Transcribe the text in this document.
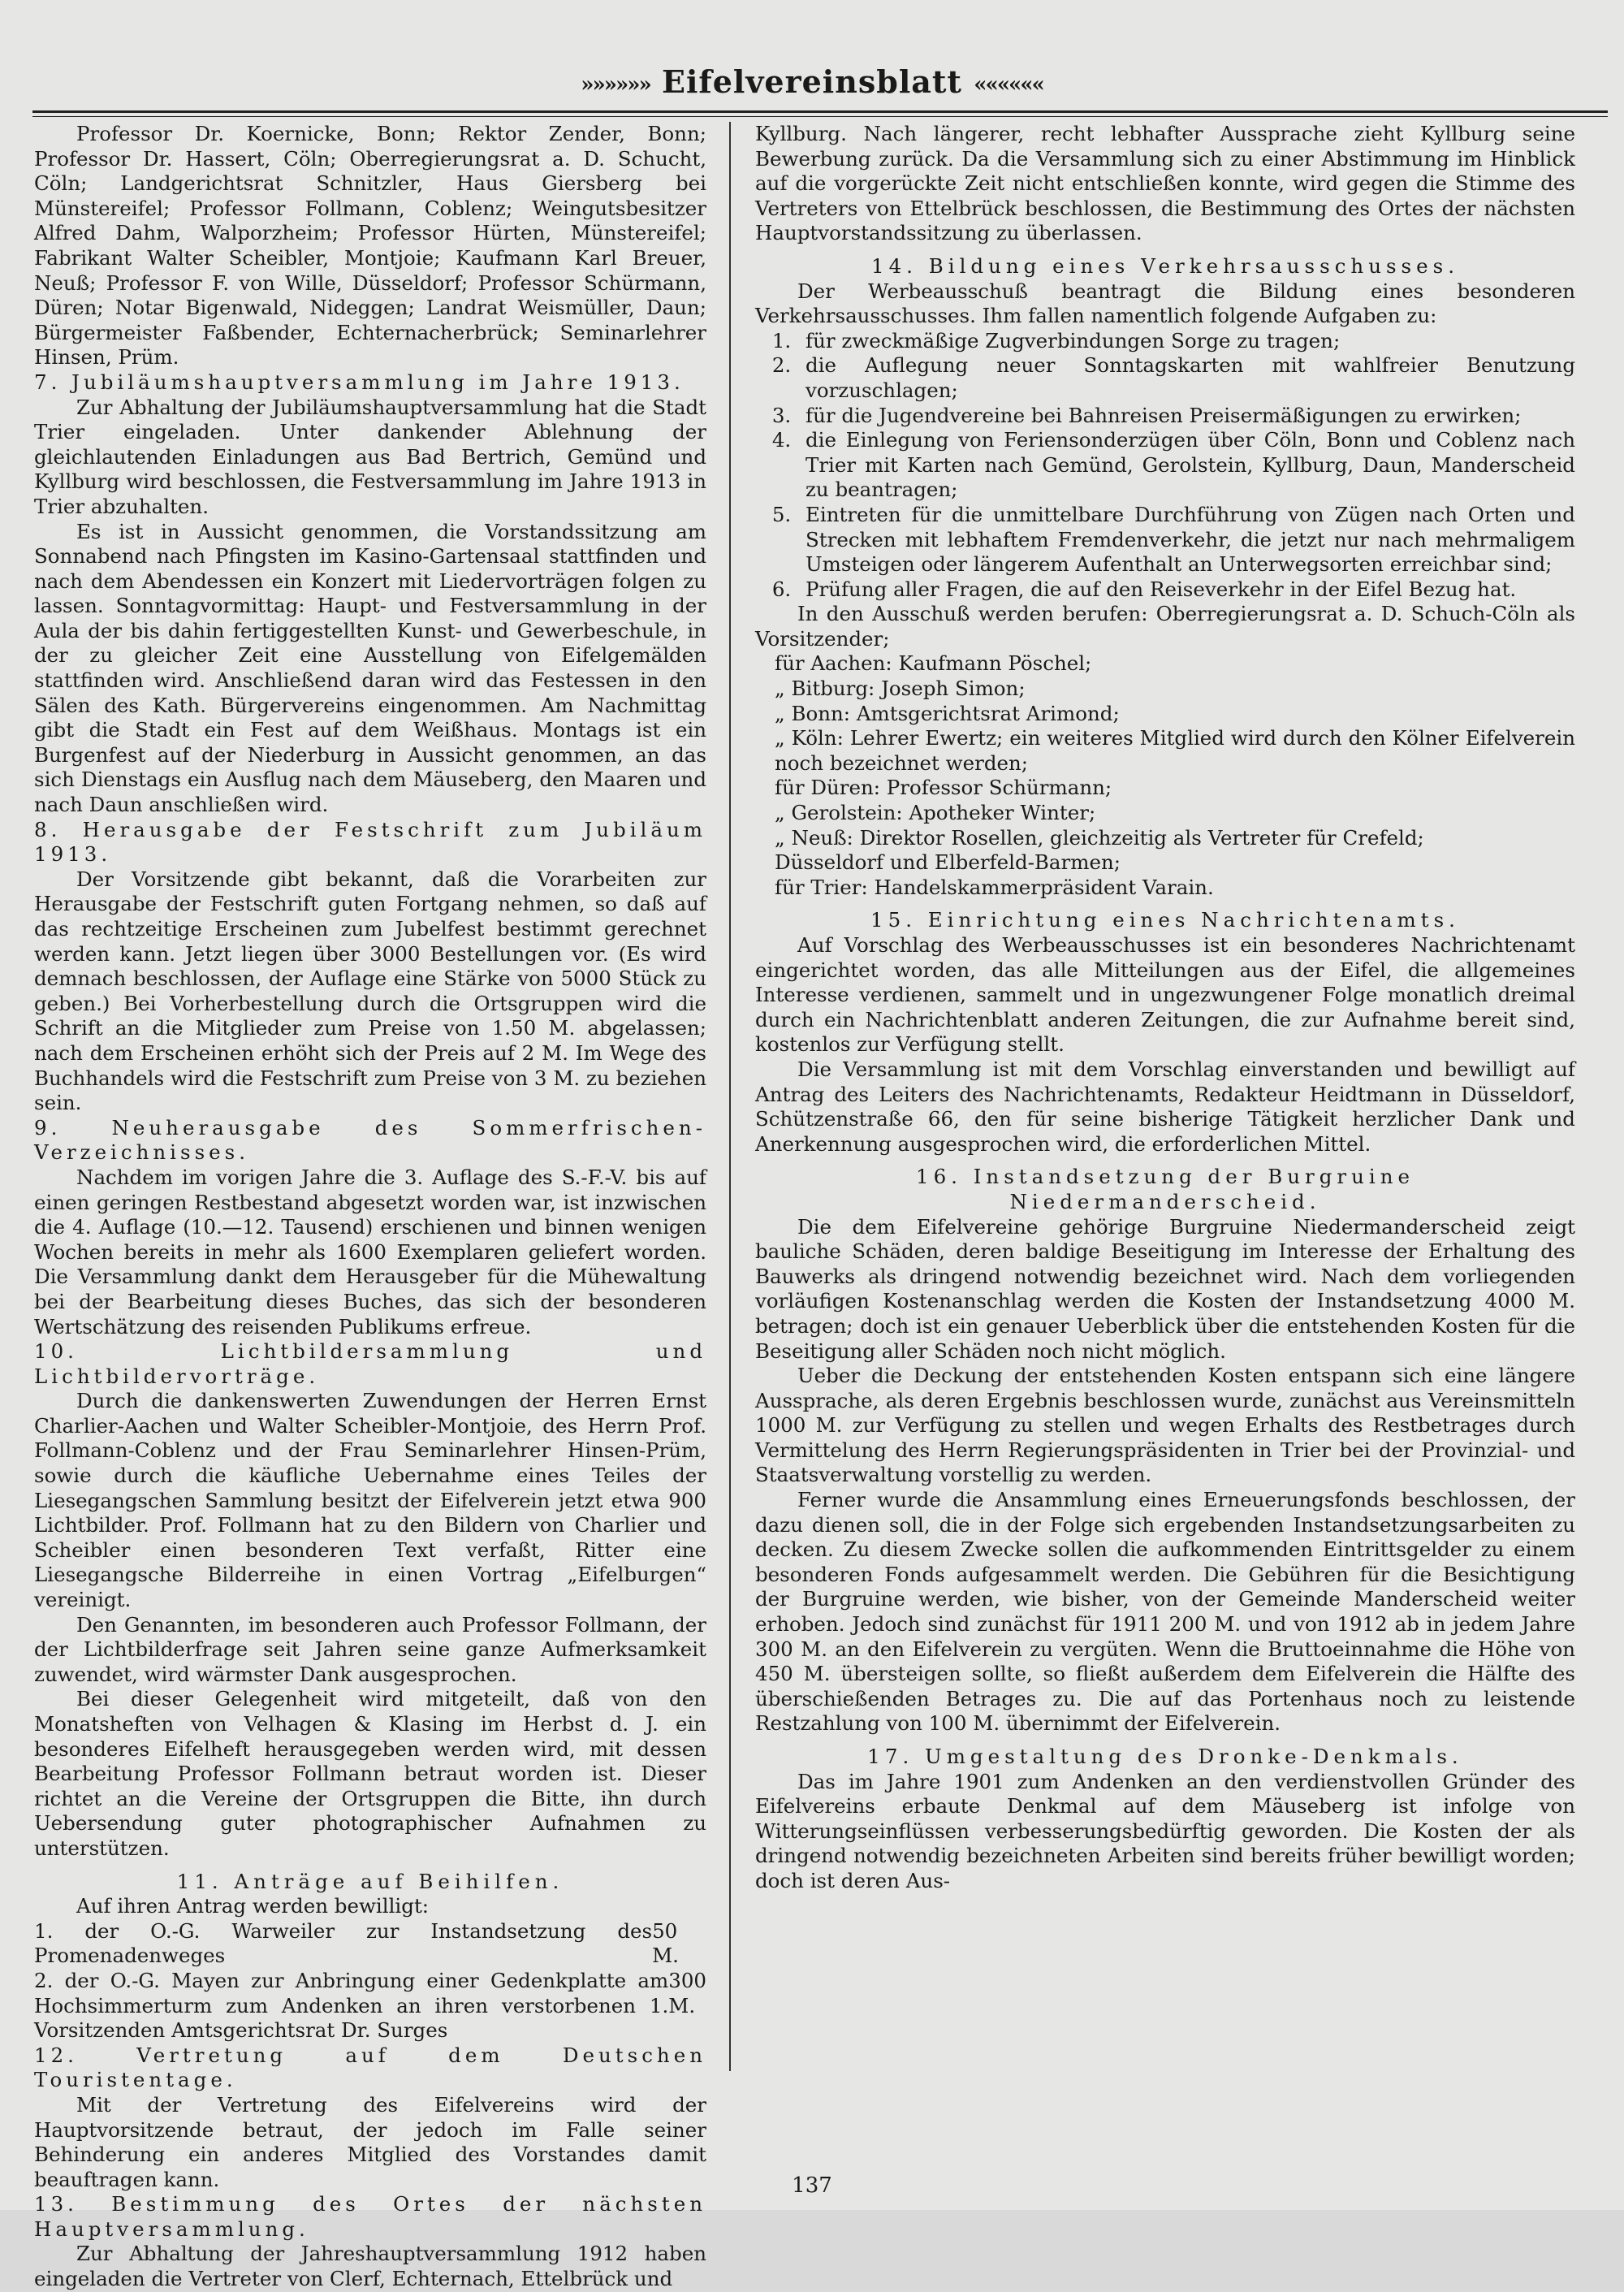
»»»»»» Eifelvereinsblatt ««««««

Professor Dr. Koernicke, Bonn; Rektor Zender, Bonn; Professor Dr. Hassert, Cöln; Oberregierungsrat a. D. Schucht, Cöln; Landgerichtsrat Schnitzler, Haus Giersberg bei Münstereifel; Professor Follmann, Coblenz; Weingutsbesitzer Alfred Dahm, Walporzheim; Professor Hürten, Münstereifel; Fabrikant Walter Scheibler, Montjoie; Kaufmann Karl Breuer, Neuß; Professor F. von Wille, Düsseldorf; Professor Schürmann, Düren; Notar Bigenwald, Nideggen; Landrat Weismüller, Daun; Bürgermeister Faßbender, Echternacherbrück; Seminarlehrer Hinsen, Prüm.

7. Jubiläumshauptversammlung im Jahre 1913.

Zur Abhaltung der Jubiläumshauptversammlung hat die Stadt Trier eingeladen. Unter dankender Ablehnung der gleichlautenden Einladungen aus Bad Bertrich, Gemünd und Kyllburg wird beschlossen, die Festversammlung im Jahre 1913 in Trier abzuhalten.

Es ist in Aussicht genommen, die Vorstandssitzung am Sonnabend nach Pfingsten im Kasino-Gartensaal stattfinden und nach dem Abendessen ein Konzert mit Liedervorträgen folgen zu lassen. Sonntagvormittag: Haupt- und Festversammlung in der Aula der bis dahin fertiggestellten Kunst- und Gewerbeschule, in der zu gleicher Zeit eine Ausstellung von Eifelgemälden stattfinden wird. Anschließend daran wird das Festessen in den Sälen des Kath. Bürgervereins eingenommen. Am Nachmittag gibt die Stadt ein Fest auf dem Weißhaus. Montags ist ein Burgenfest auf der Niederburg in Aussicht genommen, an das sich Dienstags ein Ausflug nach dem Mäuseberg, den Maaren und nach Daun anschließen wird.

8. Herausgabe der Festschrift zum Jubiläum 1913.

Der Vorsitzende gibt bekannt, daß die Vorarbeiten zur Herausgabe der Festschrift guten Fortgang nehmen, so daß auf das rechtzeitige Erscheinen zum Jubelfest bestimmt gerechnet werden kann. Jetzt liegen über 3000 Bestellungen vor. (Es wird demnach beschlossen, der Auflage eine Stärke von 5000 Stück zu geben.) Bei Vorherbestellung durch die Ortsgruppen wird die Schrift an die Mitglieder zum Preise von 1.50 M. abgelassen; nach dem Erscheinen erhöht sich der Preis auf 2 M. Im Wege des Buchhandels wird die Festschrift zum Preise von 3 M. zu beziehen sein.

9. Neuherausgabe des Sommerfrischen-Verzeichnisses.

Nachdem im vorigen Jahre die 3. Auflage des S.-F.-V. bis auf einen geringen Restbestand abgesetzt worden war, ist inzwischen die 4. Auflage (10.—12. Tausend) erschienen und binnen wenigen Wochen bereits in mehr als 1600 Exemplaren geliefert worden. Die Versammlung dankt dem Herausgeber für die Mühewaltung bei der Bearbeitung dieses Buches, das sich der besonderen Wertschätzung des reisenden Publikums erfreue.

10. Lichtbildersammlung und Lichtbildervorträge.

Durch die dankenswerten Zuwendungen der Herren Ernst Charlier-Aachen und Walter Scheibler-Montjoie, des Herrn Prof. Follmann-Coblenz und der Frau Seminarlehrer Hinsen-Prüm, sowie durch die käufliche Uebernahme eines Teiles der Liesegangschen Sammlung besitzt der Eifelverein jetzt etwa 900 Lichtbilder. Prof. Follmann hat zu den Bildern von Charlier und Scheibler einen besonderen Text verfaßt, Ritter eine Liesegangsche Bilderreihe in einen Vortrag „Eifelburgen“ vereinigt.

Den Genannten, im besonderen auch Professor Follmann, der der Lichtbilderfrage seit Jahren seine ganze Aufmerksamkeit zuwendet, wird wärmster Dank ausgesprochen.

Bei dieser Gelegenheit wird mitgeteilt, daß von den Monatsheften von Velhagen & Klasing im Herbst d. J. ein besonderes Eifelheft herausgegeben werden wird, mit dessen Bearbeitung Professor Follmann betraut worden ist. Dieser richtet an die Vereine der Ortsgruppen die Bitte, ihn durch Uebersendung guter photographischer Aufnahmen zu unterstützen.

11. Anträge auf Beihilfen.

Auf ihren Antrag werden bewilligt:

1. der O.-G. Warweiler zur Instandsetzung des Promenadenweges
50 M.
2. der O.-G. Mayen zur Anbringung einer Gedenkplatte am Hochsimmerturm zum Andenken an ihren verstorbenen 1. Vorsitzenden Amtsgerichtsrat Dr. Surges
300 M.

12. Vertretung auf dem Deutschen Touristentage.

Mit der Vertretung des Eifelvereins wird der Hauptvorsitzende betraut, der jedoch im Falle seiner Behinderung ein anderes Mitglied des Vorstandes damit beauftragen kann.

13. Bestimmung des Ortes der nächsten Hauptversammlung.

Zur Abhaltung der Jahreshauptversammlung 1912 haben eingeladen die Vertreter von Clerf, Echternach, Ettelbrück und

Kyllburg. Nach längerer, recht lebhafter Aussprache zieht Kyllburg seine Bewerbung zurück. Da die Versammlung sich zu einer Abstimmung im Hinblick auf die vorgerückte Zeit nicht entschließen konnte, wird gegen die Stimme des Vertreters von Ettelbrück beschlossen, die Bestimmung des Ortes der nächsten Hauptvorstandssitzung zu überlassen.

14. Bildung eines Verkehrsausschusses.

Der Werbeausschuß beantragt die Bildung eines besonderen Verkehrsausschusses. Ihm fallen namentlich folgende Aufgaben zu:

1. für zweckmäßige Zugverbindungen Sorge zu tragen;
2. die Auflegung neuer Sonntagskarten mit wahlfreier Benutzung vorzuschlagen;
3. für die Jugendvereine bei Bahnreisen Preisermäßigungen zu erwirken;
4. die Einlegung von Feriensonderzügen über Cöln, Bonn und Coblenz nach Trier mit Karten nach Gemünd, Gerolstein, Kyllburg, Daun, Manderscheid zu beantragen;
5. Eintreten für die unmittelbare Durchführung von Zügen nach Orten und Strecken mit lebhaftem Fremdenverkehr, die jetzt nur nach mehrmaligem Umsteigen oder längerem Aufenthalt an Unterwegsorten erreichbar sind;
6. Prüfung aller Fragen, die auf den Reiseverkehr in der Eifel Bezug hat.

In den Ausschuß werden berufen: Oberregierungsrat a. D. Schuch-Cöln als Vorsitzender;

für Aachen: Kaufmann Pöschel;

„ Bitburg: Joseph Simon;

„ Bonn: Amtsgerichtsrat Arimond;

„ Köln: Lehrer Ewertz; ein weiteres Mitglied wird durch den Kölner Eifelverein noch bezeichnet werden;

für Düren: Professor Schürmann;

„ Gerolstein: Apotheker Winter;

„ Neuß: Direktor Rosellen, gleichzeitig als Vertreter für Crefeld;

Düsseldorf und Elberfeld-Barmen;

für Trier: Handelskammerpräsident Varain.

15. Einrichtung eines Nachrichtenamts.

Auf Vorschlag des Werbeausschusses ist ein besonderes Nachrichtenamt eingerichtet worden, das alle Mitteilungen aus der Eifel, die allgemeines Interesse verdienen, sammelt und in ungezwungener Folge monatlich dreimal durch ein Nachrichtenblatt anderen Zeitungen, die zur Aufnahme bereit sind, kostenlos zur Verfügung stellt.

Die Versammlung ist mit dem Vorschlag einverstanden und bewilligt auf Antrag des Leiters des Nachrichtenamts, Redakteur Heidtmann in Düsseldorf, Schützenstraße 66, den für seine bisherige Tätigkeit herzlicher Dank und Anerkennung ausgesprochen wird, die erforderlichen Mittel.

16. Instandsetzung der Burgruine Niedermanderscheid.

Die dem Eifelvereine gehörige Burgruine Niedermanderscheid zeigt bauliche Schäden, deren baldige Beseitigung im Interesse der Erhaltung des Bauwerks als dringend notwendig bezeichnet wird. Nach dem vorliegenden vorläufigen Kostenanschlag werden die Kosten der Instandsetzung 4000 M. betragen; doch ist ein genauer Ueberblick über die entstehenden Kosten für die Beseitigung aller Schäden noch nicht möglich.

Ueber die Deckung der entstehenden Kosten entspann sich eine längere Aussprache, als deren Ergebnis beschlossen wurde, zunächst aus Vereinsmitteln 1000 M. zur Verfügung zu stellen und wegen Erhalts des Restbetrages durch Vermittelung des Herrn Regierungspräsidenten in Trier bei der Provinzial- und Staatsverwaltung vorstellig zu werden.

Ferner wurde die Ansammlung eines Erneuerungsfonds beschlossen, der dazu dienen soll, die in der Folge sich ergebenden Instandsetzungsarbeiten zu decken. Zu diesem Zwecke sollen die aufkommenden Eintrittsgelder zu einem besonderen Fonds aufgesammelt werden. Die Gebühren für die Besichtigung der Burgruine werden, wie bisher, von der Gemeinde Manderscheid weiter erhoben. Jedoch sind zunächst für 1911 200 M. und von 1912 ab in jedem Jahre 300 M. an den Eifelverein zu vergüten. Wenn die Bruttoeinnahme die Höhe von 450 M. übersteigen sollte, so fließt außerdem dem Eifelverein die Hälfte des überschießenden Betrages zu. Die auf das Portenhaus noch zu leistende Restzahlung von 100 M. übernimmt der Eifelverein.

17. Umgestaltung des Dronke-Denkmals.

Das im Jahre 1901 zum Andenken an den verdienstvollen Gründer des Eifelvereins erbaute Denkmal auf dem Mäuseberg ist infolge von Witterungseinflüssen verbesserungsbedürftig geworden. Die Kosten der als dringend notwendig bezeichneten Arbeiten sind bereits früher bewilligt worden; doch ist deren Aus-

137
